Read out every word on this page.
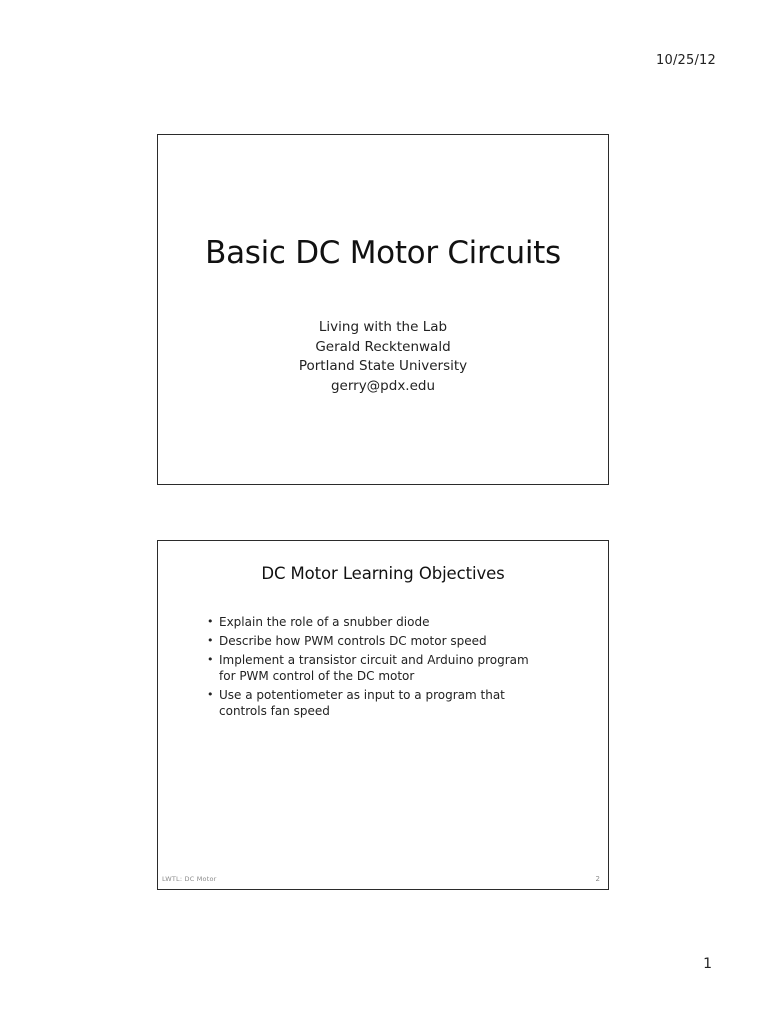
10/25/12
Basic DC Motor Circuits
Living with the Lab
Gerald Recktenwald
Portland State University
gerry@pdx.edu
DC Motor Learning Objectives
• Explain the role of a snubber diode
• Describe how PWM controls DC motor speed
• Implement a transistor circuit and Arduino program for PWM control of the DC motor
• Use a potentiometer as input to a program that controls fan speed
LWTL: DC Motor	2
1
